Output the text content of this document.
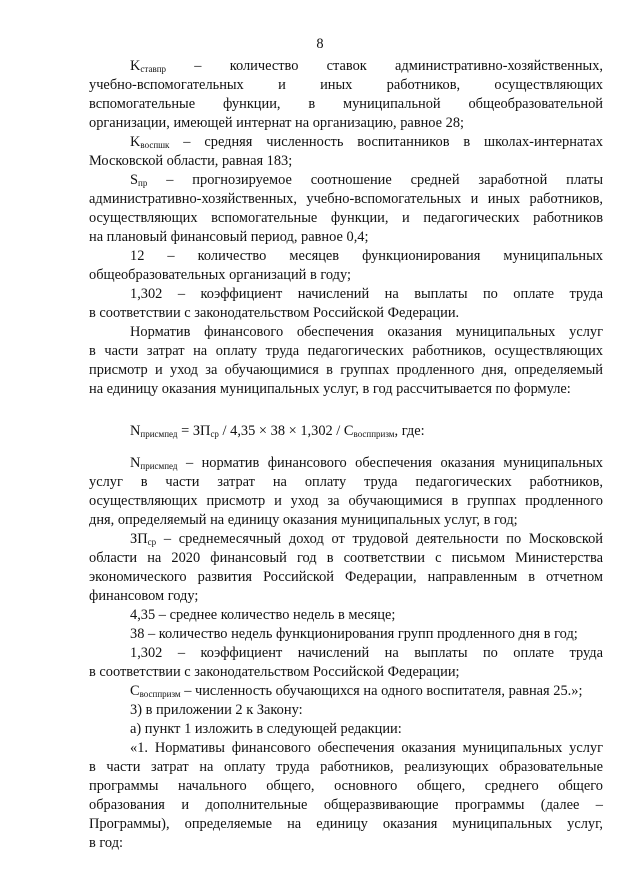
8
$K_{ставпр}$ – количество ставок административно-хозяйственных,
учебно-вспомогательных и иных работников, осуществляющих
вспомогательные функции, в муниципальной общеобразовательной
организации, имеющей интернат на организацию, равное 28;
$K_{воспшк}$ – средняя численность воспитанников в школах-интернатах
Московской области, равная 183;
$S_{пр}$ – прогнозируемое соотношение средней заработной платы
административно-хозяйственных, учебно-вспомогательных и иных работников,
осуществляющих вспомогательные функции, и педагогических работников
на плановый финансовый период, равное 0,4;
12 – количество месяцев функционирования муниципальных
общеобразовательных организаций в году;
1,302 – коэффициент начислений на выплаты по оплате труда
в соответствии с законодательством Российской Федерации.
Норматив финансового обеспечения оказания муниципальных услуг
в части затрат на оплату труда педагогических работников, осуществляющих
присмотр и уход за обучающимися в группах продленного дня, определяемый
на единицу оказания муниципальных услуг, в год рассчитывается по формуле:
$N_{присмпед} = ЗП_{ср} / 4,35 \times 38 \times 1,302 / С_{восппризм}$, где:
$N_{присмпед}$ – норматив финансового обеспечения оказания муниципальных
услуг в части затрат на оплату труда педагогических работников,
осуществляющих присмотр и уход за обучающимися в группах продленного
дня, определяемый на единицу оказания муниципальных услуг, в год;
$ЗП_{ср}$ – среднемесячный доход от трудовой деятельности по Московской
области на 2020 финансовый год в соответствии с письмом Министерства
экономического развития Российской Федерации, направленным в отчетном
финансовом году;
4,35 – среднее количество недель в месяце;
38 – количество недель функционирования групп продленного дня в год;
1,302 – коэффициент начислений на выплаты по оплате труда
в соответствии с законодательством Российской Федерации;
$С_{восппризм}$ – численность обучающихся на одного воспитателя, равная 25.»;
3) в приложении 2 к Закону:
а) пункт 1 изложить в следующей редакции:
«1. Нормативы финансового обеспечения оказания муниципальных услуг
в части затрат на оплату труда работников, реализующих образовательные
программы начального общего, основного общего, среднего общего
образования и дополнительные общеразвивающие программы (далее –
Программы), определяемые на единицу оказания муниципальных услуг,
в год:
